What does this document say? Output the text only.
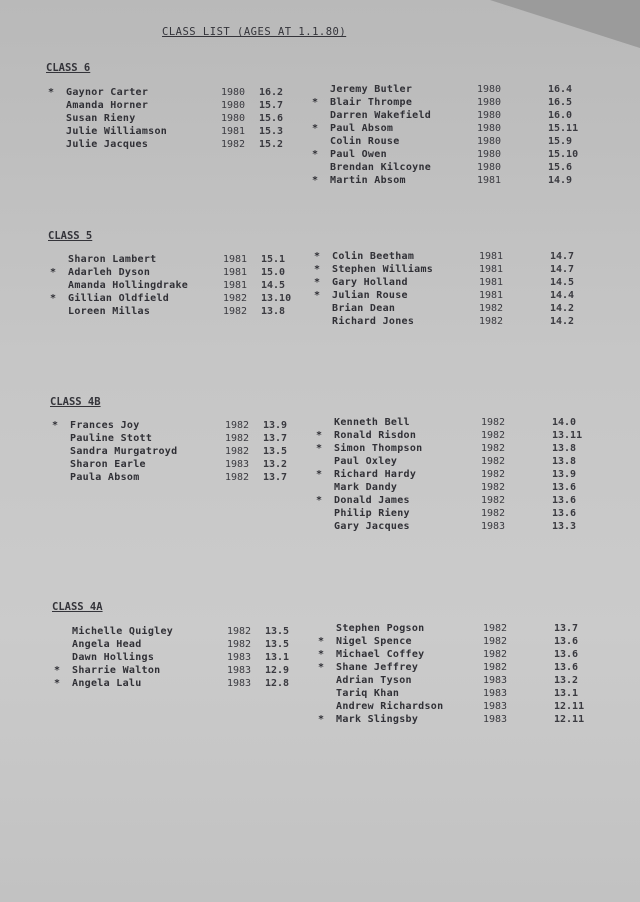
CLASS LIST (AGES AT 1.1.80)
CLASS 6
* Gaynor Carter	1980 16.2
Amanda Horner	1980 15.7
Susan Rieny	1980 15.6
Julie Williamson	1981 15.3
Julie Jacques	1982 15.2
Jeremy Butler	1980	16.4
* Blair Thrompe	1980	16.5
Darren Wakefield	1980	16.0
* Paul Absom	1980	15.11
Colin Rouse	1980	15.9
* Paul Owen	1980	15.10
Brendan Kilcoyne	1980	15.6
* Martin Absom	1981	14.9
CLASS 5
Sharon Lambert	1981 15.1
* Adarleh Dyson	1981 15.0
Amanda Hollingdrake	1981 14.5
* Gillian Oldfield	1982 13.10
Loreen Millas	1982 13.8
* Colin Beetham	1981	14.7
* Stephen Williams	1981	14.7
* Gary Holland	1981	14.5
* Julian Rouse	1981	14.4
Brian Dean	1982	14.2
Richard Jones	1982	14.2
CLASS 4B
* Frances Joy	1982 13.9
Pauline Stott	1982 13.7
Sandra Murgatroyd	1982 13.5
Sharon Earle	1983 13.2
Paula Absom	1982 13.7
Kenneth Bell	1982	14.0
* Ronald Risdon	1982	13.11
* Simon Thompson	1982	13.8
Paul Oxley	1982	13.8
* Richard Hardy	1982	13.9
Mark Dandy	1982	13.6
* Donald James	1982	13.6
Philip Rieny	1982	13.6
Gary Jacques	1983	13.3
CLASS 4A
Michelle Quigley	1982 13.5
Angela Head	1982 13.5
Dawn Hollings	1983 13.1
* Sharrie Walton	1983 12.9
* Angela Lalu	1983 12.8
Stephen Pogson	1982	13.7
* Nigel Spence	1982	13.6
* Michael Coffey	1982	13.6
* Shane Jeffrey	1982	13.6
Adrian Tyson	1983	13.2
Tariq Khan	1983	13.1
Andrew Richardson	1983	12.11
* Mark Slingsby	1983	12.11
